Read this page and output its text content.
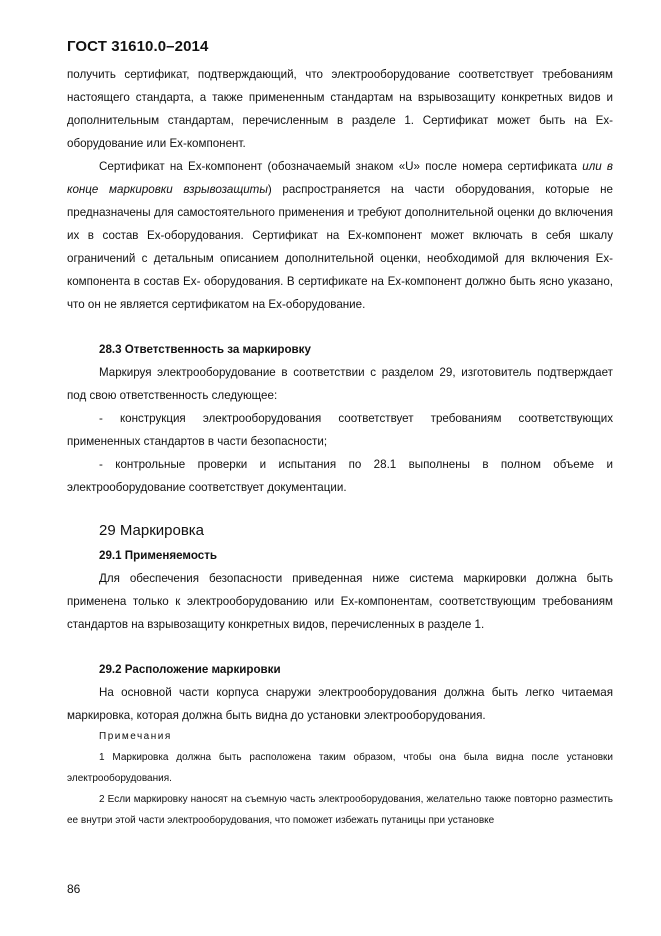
ГОСТ 31610.0–2014

получить сертификат, подтверждающий, что электрооборудование соответствует требованиям настоящего стандарта, а также примененным стандартам на взрывозащиту конкретных видов и дополнительным стандартам, перечисленным в разделе 1. Сертификат может быть на Ex-оборудование или Ex-компонент.

Сертификат на Ex-компонент (обозначаемый знаком «U» после номера сертификата или в конце маркировки взрывозащиты) распространяется на части оборудования, которые не предназначены для самостоятельного применения и требуют дополнительной оценки до включения их в состав Ex-оборудования. Сертификат на Ex-компонент может включать в себя шкалу ограничений с детальным описанием дополнительной оценки, необходимой для включения Ex-компонента в состав Ex- оборудования. В сертификате на Ex-компонент должно быть ясно указано, что он не является сертификатом на Ex-оборудование.

28.3 Ответственность за маркировку

Маркируя электрооборудование в соответствии с разделом 29, изготовитель подтверждает под свою ответственность следующее:

- конструкция электрооборудования соответствует требованиям соответствующих примененных стандартов в части безопасности;

- контрольные проверки и испытания по 28.1 выполнены в полном объеме и электрооборудование соответствует документации.

29 Маркировка

29.1 Применяемость

Для обеспечения безопасности приведенная ниже система маркировки должна быть применена только к электрооборудованию или Ex-компонентам, соответствующим требованиям стандартов на взрывозащиту конкретных видов, перечисленных в разделе 1.

29.2 Расположение маркировки

На основной части корпуса снаружи электрооборудования должна быть легко читаемая маркировка, которая должна быть видна до установки электрооборудования.

Примечания

1 Маркировка должна быть расположена таким образом, чтобы она была видна после установки электрооборудования.

2 Если маркировку наносят на съемную часть электрооборудования, желательно также повторно разместить ее внутри этой части электрооборудования, что поможет избежать путаницы при установке

86
